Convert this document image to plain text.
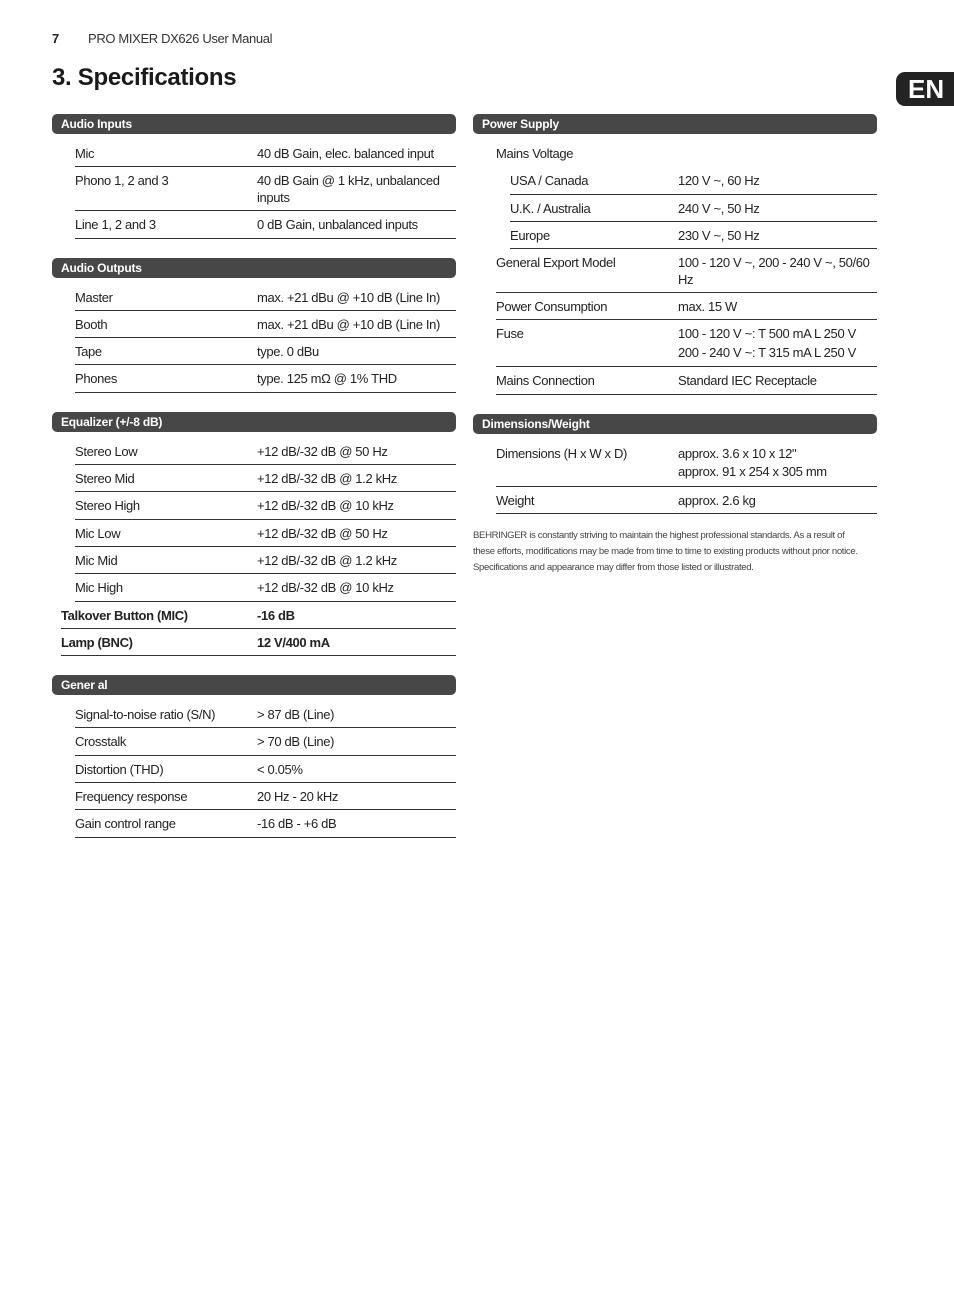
7 PRO MIXER DX626 User Manual
3. Specifications	EN
Audio Inputs
Mic	40 dB Gain, elec. balanced input
Phono 1, 2 and 3	40 dB Gain @ 1 kHz, unbalanced inputs
Line 1, 2 and 3	0 dB Gain, unbalanced inputs
Audio Outputs
Master	max. +21 dBu @ +10 dB (Line In)
Booth	max. +21 dBu @ +10 dB (Line In)
Tape	type. 0 dBu
Phones	type. 125 mΩ @ 1% THD
Equalizer (+/-8 dB)
Stereo Low	+12 dB/-32 dB @ 50 Hz
Stereo Mid	+12 dB/-32 dB @ 1.2 kHz
Stereo High	+12 dB/-32 dB @ 10 kHz
Mic Low	+12 dB/-32 dB @ 50 Hz
Mic Mid	+12 dB/-32 dB @ 1.2 kHz
Mic High	+12 dB/-32 dB @ 10 kHz
Talkover Button (MIC)	-16 dB
Lamp (BNC)	12 V/400 mA
Gener al
Signal-to-noise ratio (S/N)	> 87 dB (Line)
Crosstalk	> 70 dB (Line)
Distortion (THD)	< 0.05%
Frequency response	20 Hz - 20 kHz
Gain control range	-16 dB - +6 dB
Power Supply
Mains Voltage
USA / Canada	120 V ~, 60 Hz
U.K. / Australia	240 V ~, 50 Hz
Europe	230 V ~, 50 Hz
General Export Model	100 - 120 V ~, 200 - 240 V ~, 50/60 Hz
Power Consumption	max. 15 W
Fuse	100 - 120 V ~: T 500 mA L 250 V
200 - 240 V ~: T 315 mA L 250 V
Mains Connection	Standard IEC Receptacle
Dimensions/Weight
Dimensions (H x W x D)	approx. 3.6 x 10 x 12"
approx. 91 x 254 x 305 mm
Weight	approx. 2.6 kg

BEHRINGER is constantly striving to maintain the highest professional standards. As a result of these efforts, modifications may be made from time to time to existing products without prior notice. Specifications and appearance may differ from those listed or illustrated.
